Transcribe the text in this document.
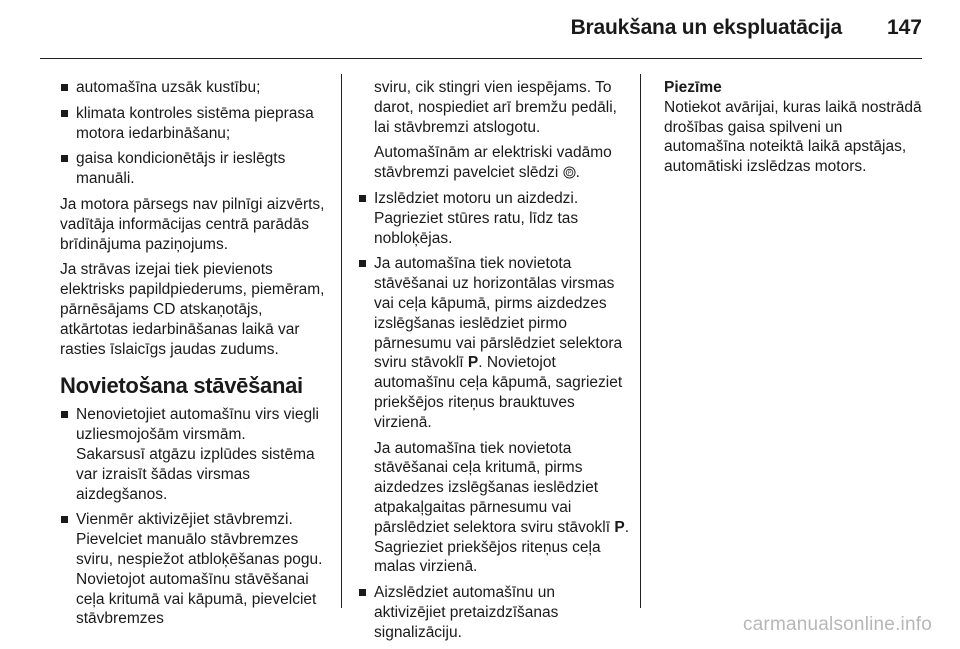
Braukšana un ekspluatācija 147
automašīna uzsāk kustību;
klimata kontroles sistēma pieprasa motora iedarbināšanu;
gaisa kondicionētājs ir ieslēgts manuāli.

Ja motora pārsegs nav pilnīgi aizvērts, vadītāja informācijas centrā parādās brīdinājuma paziņojums.

Ja strāvas izejai tiek pievienots elektrisks papildpiederums, piemēram, pārnēsājams CD atskaņotājs, atkārtotas iedarbināšanas laikā var rasties īslaicīgs jaudas zudums.

Novietošana stāvēšanai
Nenovietojiet automašīnu virs viegli uzliesmojošām virsmām.
Sakarsusī atgāzu izplūdes sistēma var izraisīt šādas virsmas aizdegšanos.
Vienmēr aktivizējiet stāvbremzi. Pievelciet manuālo stāvbremzes sviru, nespiežot atbloķēšanas pogu. Novietojot automašīnu stāvēšanai ceļa kritumā vai kāpumā, pievelciet stāvbremzes

sviru, cik stingri vien iespējams. To darot, nospiediet arī bremžu pedāli, lai stāvbremzi atslogotu.

Automašīnām ar elektriski vadāmo stāvbremzi pavelciet slēdzi P .

Izslēdziet motoru un aizdedzi. Pagrieziet stūres ratu, līdz tas nobloķējas.
Ja automašīna tiek novietota stāvēšanai uz horizontālas virsmas vai ceļa kāpumā, pirms aizdedzes izslēgšanas ieslēdziet pirmo pārnesumu vai pārslēdziet selektora sviru stāvoklī P. Novietojot automašīnu ceļa kāpumā, sagrieziet priekšējos riteņus brauktuves virzienā.
Ja automašīna tiek novietota stāvēšanai ceļa kritumā, pirms aizdedzes izslēgšanas ieslēdziet atpakaļgaitas pārnesumu vai pārslēdziet selektora sviru stāvoklī P. Sagrieziet priekšējos riteņus ceļa malas virzienā.
Aizslēdziet automašīnu un aktivizējiet pretaizdzīšanas signalizāciju.
Piezīme
Notiekot avārijai, kuras laikā nostrādā drošības gaisa spilveni un automašīna noteiktā laikā apstājas, automātiski izslēdzas motors.
carmanualsonline.info
